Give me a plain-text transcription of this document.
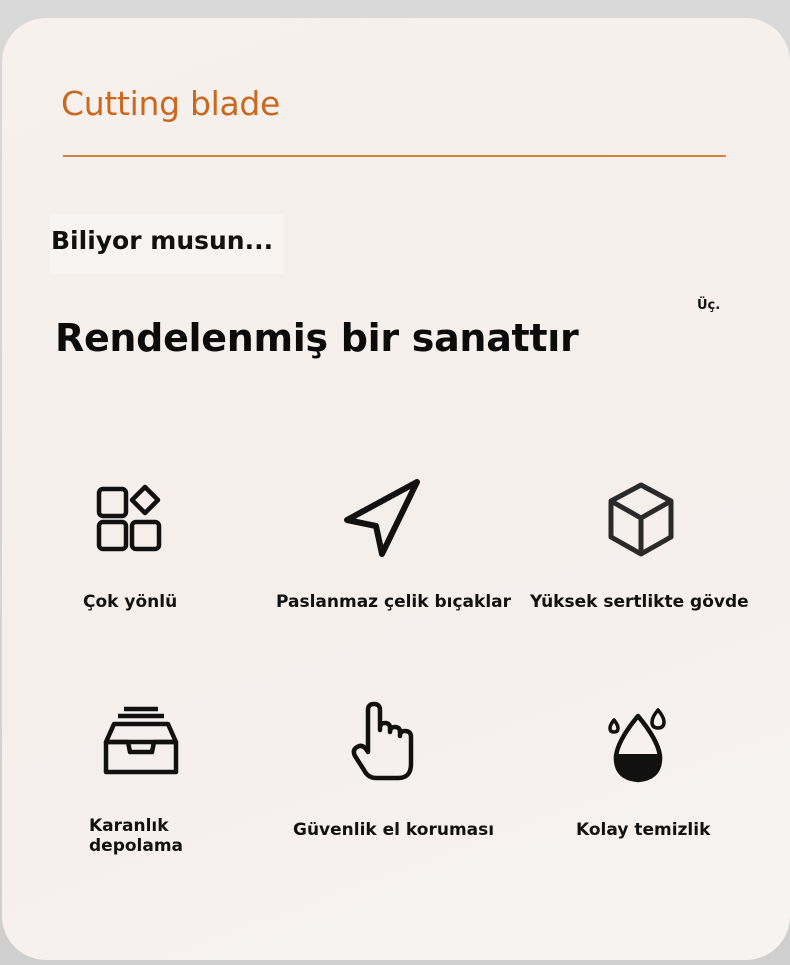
Cutting blade

Biliyor musun...

Üç.
Rendelenmiş bir sanattır
Çok yönlü	Paslanmaz çelik bıçaklar Yüksek sertlikte gövde
Karanlık depolama
Güvenlik el koruması	Kolay temizlik
